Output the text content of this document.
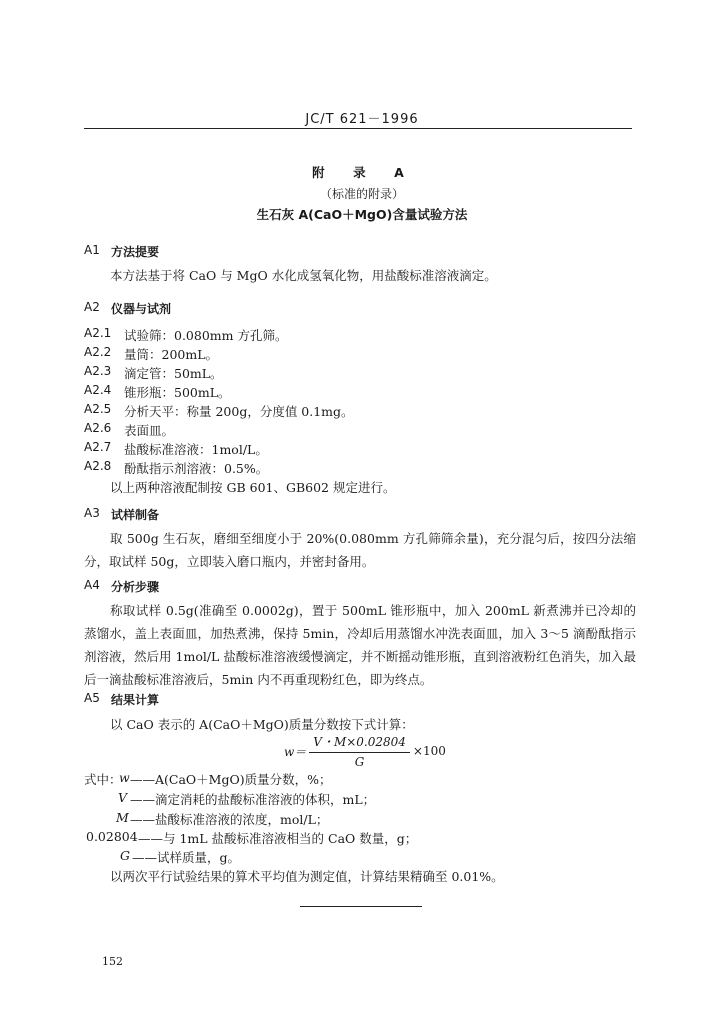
JC/T 621－1996
附　录　A
（标准的附录）
生石灰 A(CaO＋MgO)含量试验方法
A1 方法提要
本方法基于将 CaO 与 MgO 水化成氢氧化物，用盐酸标准溶液滴定。
A2 仪器与试剂
A2.1 试验筛：0.080mm 方孔筛。
A2.2 量筒：200mL。
A2.3 滴定管：50mL。
A2.4 锥形瓶：500mL。
A2.5 分析天平：称量 200g，分度值 0.1mg。
A2.6 表面皿。
A2.7 盐酸标准溶液：1mol/L。
A2.8 酚酞指示剂溶液：0.5%。
以上两种溶液配制按 GB 601、GB602 规定进行。
A3 试样制备
取 500g 生石灰，磨细至细度小于 20%(0.080mm 方孔筛筛余量)，充分混匀后，按四分法缩分，取试样 50g，立即装入磨口瓶内，并密封备用。
A4 分析步骤
称取试样 0.5g(准确至 0.0002g)，置于 500mL 锥形瓶中，加入 200mL 新煮沸并已冷却的蒸馏水，盖上表面皿，加热煮沸，保持 5min，冷却后用蒸馏水冲洗表面皿，加入 3～5 滴酚酞指示剂溶液，然后用 1mol/L 盐酸标准溶液缓慢滴定，并不断摇动锥形瓶，直到溶液粉红色消失，加入最后一滴盐酸标准溶液后，5min 内不再重现粉红色，即为终点。
A5 结果计算
以 CaO 表示的 A(CaO＋MgO)质量分数按下式计算：
$w= \frac{V・M\times 0.02804}{G} \times 100$
式中：
w ——A(CaO＋MgO)质量分数，%；
V ——滴定消耗的盐酸标准溶液的体积，mL；
M ——盐酸标准溶液的浓度，mol/L；
0.02804 ——与 1mL 盐酸标准溶液相当的 CaO 数量，g；
G ——试样质量，g。
以两次平行试验结果的算术平均值为测定值，计算结果精确至 0.01%。
152
